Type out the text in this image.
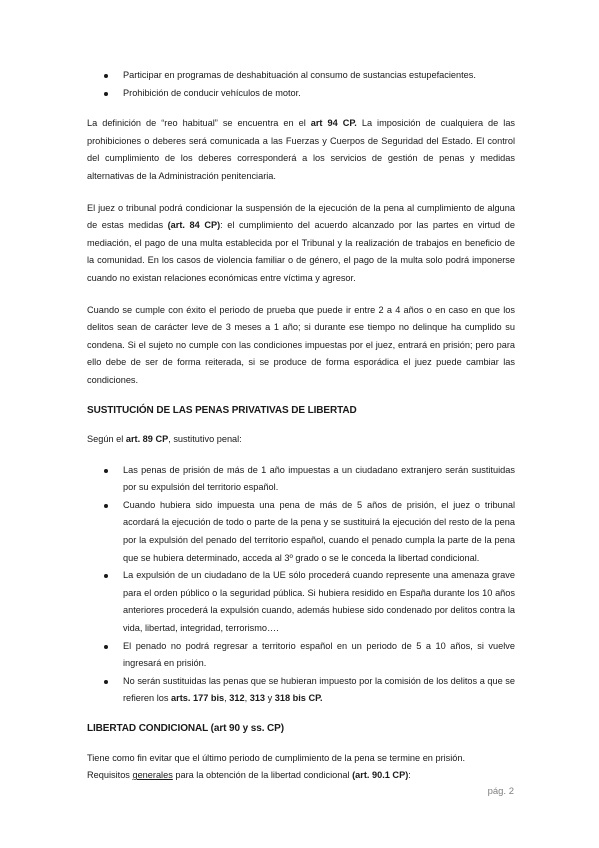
Participar en programas de deshabituación al consumo de sustancias estupefacientes.
Prohibición de conducir vehículos de motor.

La definición de “reo habitual” se encuentra en el art 94 CP. La imposición de cualquiera de las prohibiciones o deberes será comunicada a las Fuerzas y Cuerpos de Seguridad del Estado. El control del cumplimiento de los deberes corresponderá a los servicios de gestión de penas y medidas alternativas de la Administración penitenciaria.

El juez o tribunal podrá condicionar la suspensión de la ejecución de la pena al cumplimiento de alguna de estas medidas (art. 84 CP): el cumplimiento del acuerdo alcanzado por las partes en virtud de mediación, el pago de una multa establecida por el Tribunal y la realización de trabajos en beneficio de la comunidad. En los casos de violencia familiar o de género, el pago de la multa solo podrá imponerse cuando no existan relaciones económicas entre víctima y agresor.

Cuando se cumple con éxito el periodo de prueba que puede ir entre 2 a 4 años o en caso en que los delitos sean de carácter leve de 3 meses a 1 año; si durante ese tiempo no delinque ha cumplido su condena. Si el sujeto no cumple con las condiciones impuestas por el juez, entrará en prisión; pero para ello debe de ser de forma reiterada, si se produce de forma esporádica el juez puede cambiar las condiciones.

SUSTITUCIÓN DE LAS PENAS PRIVATIVAS DE LIBERTAD

Según el art. 89 CP, sustitutivo penal:

Las penas de prisión de más de 1 año impuestas a un ciudadano extranjero serán sustituidas por su expulsión del territorio español.
Cuando hubiera sido impuesta una pena de más de 5 años de prisión, el juez o tribunal acordará la ejecución de todo o parte de la pena y se sustituirá la ejecución del resto de la pena por la expulsión del penado del territorio español, cuando el penado cumpla la parte de la pena que se hubiera determinado, acceda al 3º grado o se le conceda la libertad condicional.
La expulsión de un ciudadano de la UE sólo procederá cuando represente una amenaza grave para el orden público o la seguridad pública. Si hubiera residido en España durante los 10 años anteriores procederá la expulsión cuando, además hubiese sido condenado por delitos contra la vida, libertad, integridad, terrorismo….
El penado no podrá regresar a territorio español en un periodo de 5 a 10 años, si vuelve ingresará en prisión.
No serán sustituidas las penas que se hubieran impuesto por la comisión de los delitos a que se refieren los arts. 177 bis, 312, 313 y 318 bis CP.
LIBERTAD CONDICIONAL (art 90 y ss. CP)

Tiene como fin evitar que el último periodo de cumplimiento de la pena se termine en prisión.

Requisitos generales para la obtención de la libertad condicional (art. 90.1 CP):

pág. 2
